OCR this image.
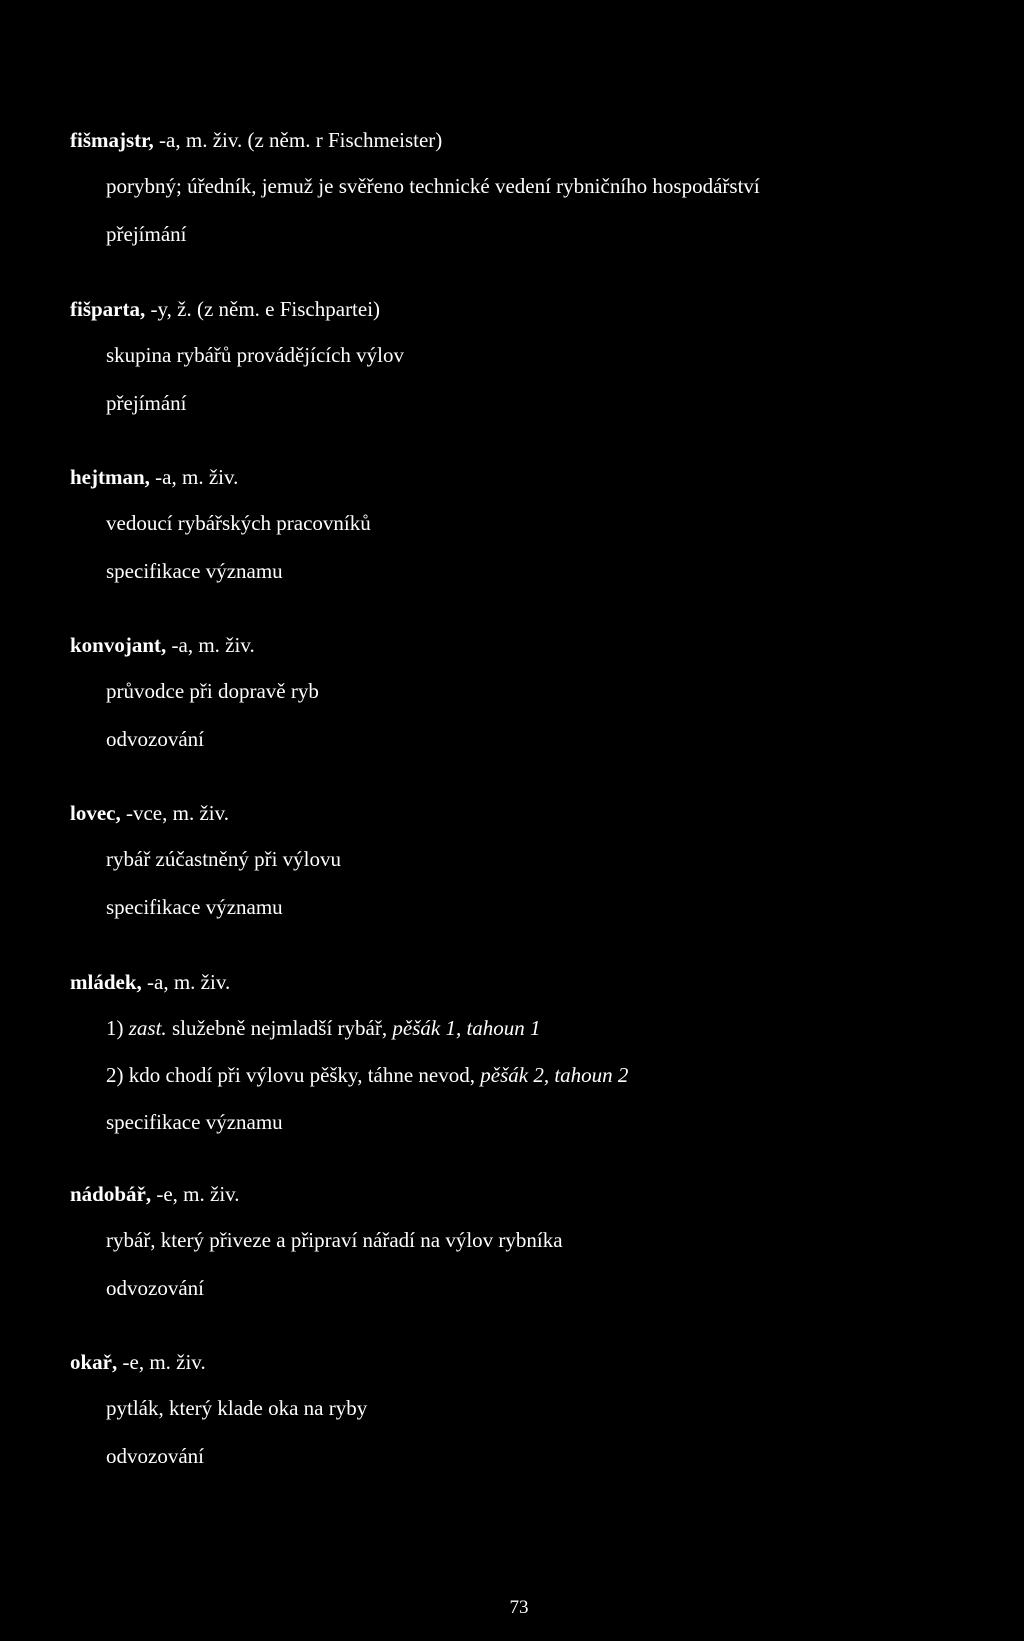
fišmajstr, -a, m. živ. (z něm. r Fischmeister)
porybný; úředník, jemuž je svěřeno technické vedení rybničního hospodářství
přejímání
fišparta, -y, ž. (z něm. e Fischpartei)
skupina rybářů provádějících výlov
přejímání
hejtman, -a, m. živ.
vedoucí rybářských pracovníků
specifikace významu
konvojant, -a, m. živ.
průvodce při dopravě ryb
odvozování
lovec, -vce, m. živ.
rybář zúčastněný při výlovu
specifikace významu
mládek, -a, m. živ.
1) zast. služebně nejmladší rybář, pěšák 1, tahoun 1
2) kdo chodí při výlovu pěšky, táhne nevod, pěšák 2, tahoun 2
specifikace významu
nádobář, -e, m. živ.
rybář, který přiveze a připraví nářadí na výlov rybníka
odvozování
okař, -e, m. živ.
pytlák, který klade oka na ryby
odvozování
73
